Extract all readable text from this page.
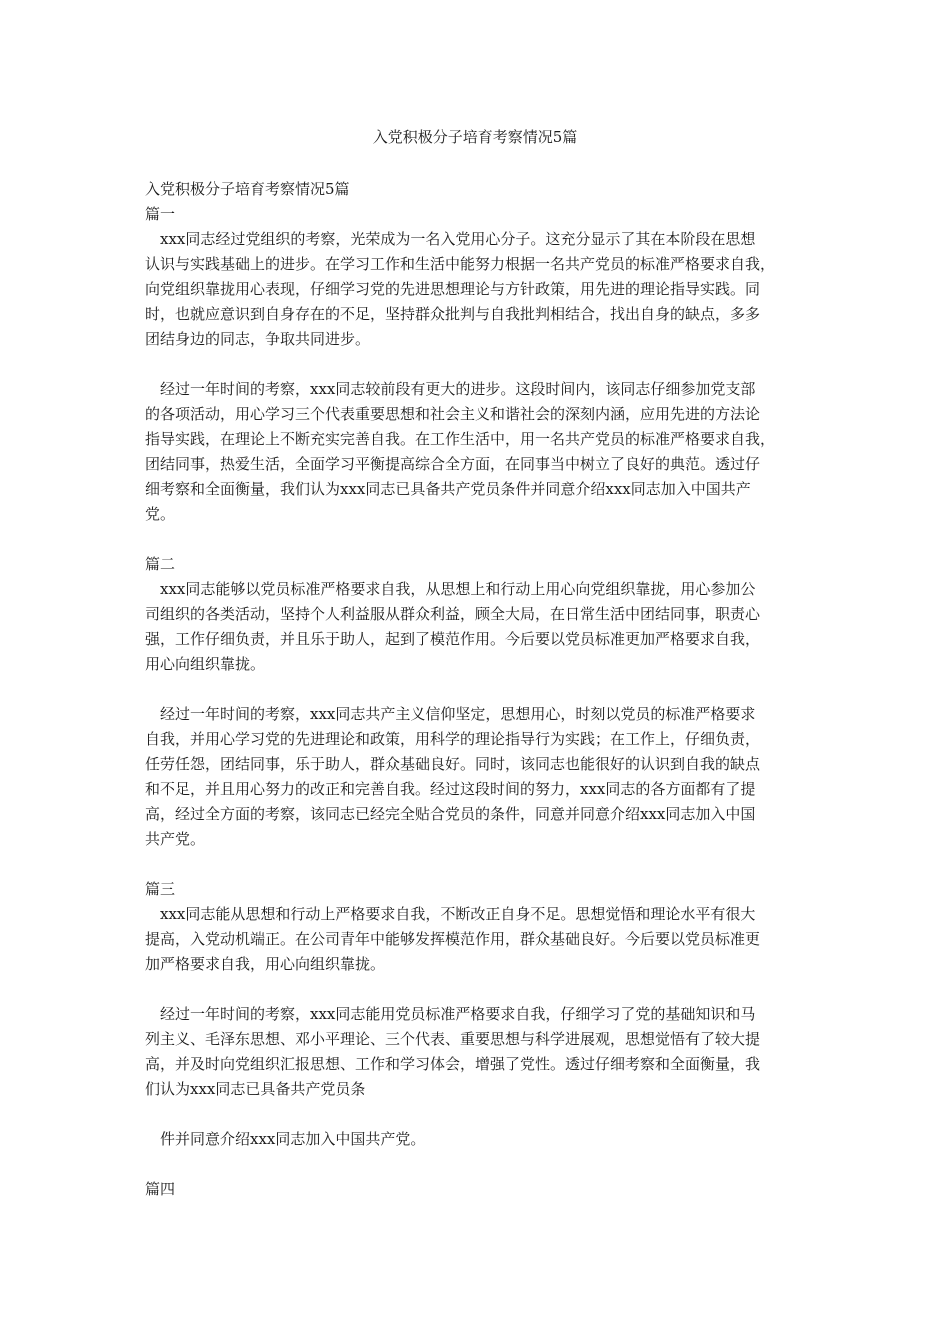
入党积极分子培育考察情况5篇
入党积极分子培育考察情况5篇
篇一
xxx同志经过党组织的考察，光荣成为一名入党用心分子。这充分显示了其在本阶段在思想
认识与实践基础上的进步。在学习工作和生活中能努力根据一名共产党员的标准严格要求自我，
向党组织靠拢用心表现，仔细学习党的先进思想理论与方针政策，用先进的理论指导实践。同
时，也就应意识到自身存在的不足，坚持群众批判与自我批判相结合，找出自身的缺点，多多
团结身边的同志，争取共同进步。
经过一年时间的考察，xxx同志较前段有更大的进步。这段时间内，该同志仔细参加党支部
的各项活动，用心学习三个代表重要思想和社会主义和谐社会的深刻内涵，应用先进的方法论
指导实践，在理论上不断充实完善自我。在工作生活中，用一名共产党员的标准严格要求自我，
团结同事，热爱生活，全面学习平衡提高综合全方面，在同事当中树立了良好的典范。透过仔
细考察和全面衡量，我们认为xxx同志已具备共产党员条件并同意介绍xxx同志加入中国共产
党。
篇二
xxx同志能够以党员标准严格要求自我，从思想上和行动上用心向党组织靠拢，用心参加公
司组织的各类活动，坚持个人利益服从群众利益，顾全大局，在日常生活中团结同事，职责心
强，工作仔细负责，并且乐于助人，起到了模范作用。今后要以党员标准更加严格要求自我，
用心向组织靠拢。
经过一年时间的考察，xxx同志共产主义信仰坚定，思想用心，时刻以党员的标准严格要求
自我，并用心学习党的先进理论和政策，用科学的理论指导行为实践；在工作上，仔细负责，
任劳任怨，团结同事，乐于助人，群众基础良好。同时，该同志也能很好的认识到自我的缺点
和不足，并且用心努力的改正和完善自我。经过这段时间的努力，xxx同志的各方面都有了提
高，经过全方面的考察，该同志已经完全贴合党员的条件，同意并同意介绍xxx同志加入中国
共产党。
篇三
xxx同志能从思想和行动上严格要求自我，不断改正自身不足。思想觉悟和理论水平有很大
提高，入党动机端正。在公司青年中能够发挥模范作用，群众基础良好。今后要以党员标准更
加严格要求自我，用心向组织靠拢。
经过一年时间的考察，xxx同志能用党员标准严格要求自我，仔细学习了党的基础知识和马
列主义、毛泽东思想、邓小平理论、三个代表、重要思想与科学进展观，思想觉悟有了较大提
高，并及时向党组织汇报思想、工作和学习体会，增强了党性。透过仔细考察和全面衡量，我
们认为xxx同志已具备共产党员条
件并同意介绍xxx同志加入中国共产党。
篇四
